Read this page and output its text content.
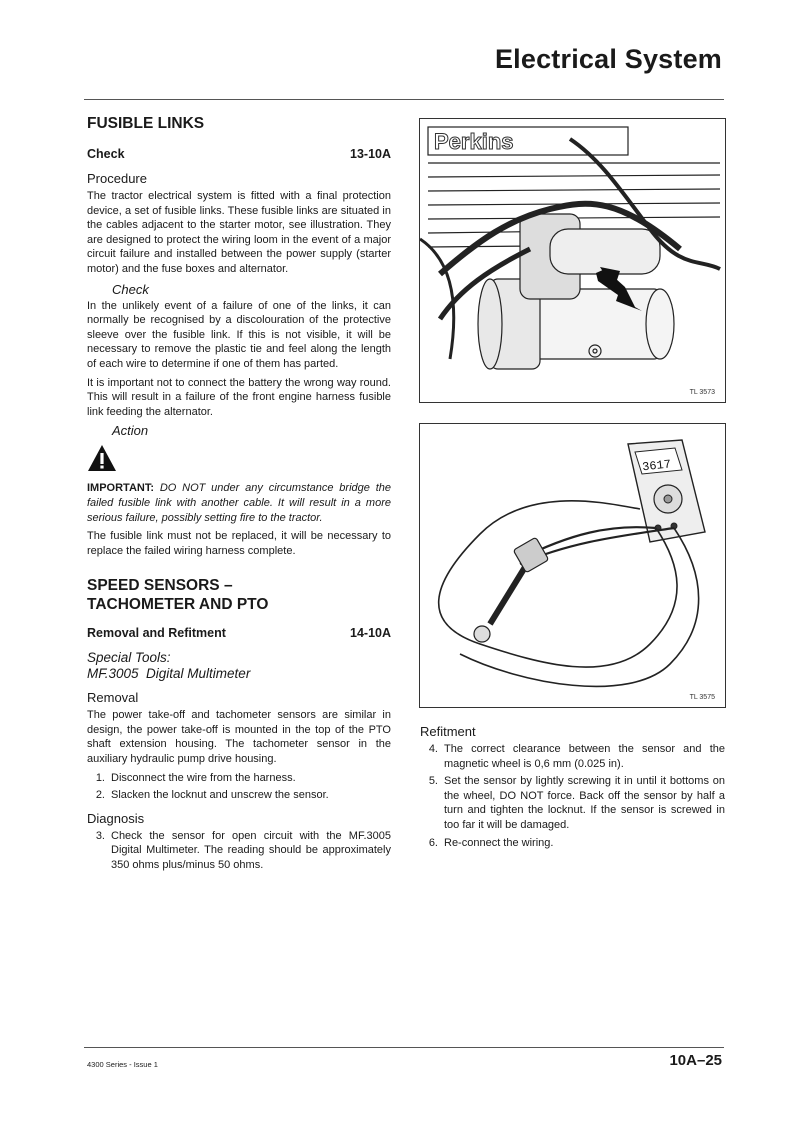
Electrical System
FUSIBLE LINKS
Check	13-10A
Procedure

The tractor electrical system is fitted with a final protection device, a set of fusible links. These fusible links are situated in the cables adjacent to the starter motor, see illustration. They are designed to protect the wiring loom in the event of a major circuit failure and installed between the power supply (starter motor) and the fuse boxes and alternator.

Check

In the unlikely event of a failure of one of the links, it can normally be recognised by a discolouration of the protective sleeve over the fusible link. If this is not visible, it will be necessary to remove the plastic tie and feel along the length of each wire to determine if one of them has parted.

It is important not to connect the battery the wrong way round. This will result in a failure of the front engine harness fusible link feeding the alternator.

Action

IMPORTANT: DO NOT under any circumstance bridge the failed fusible link with another cable. It will result in a more serious failure, possibly setting fire to the tractor.

The fusible link must not be replaced, it will be necessary to replace the failed wiring harness complete.

SPEED SENSORS –
TACHOMETER AND PTO
Removal and Refitment	14-10A
Special Tools:
MF.3005  Digital Multimeter
Removal

The power take-off and tachometer sensors are similar in design, the power take-off is mounted in the top of the PTO shaft extension housing. The tachometer sensor in the auxiliary hydraulic pump drive housing.

1. Disconnect the wire from the harness.
2. Slacken the locknut and unscrew the sensor.
Diagnosis
3. Check the sensor for open circuit with the MF.3005 Digital Multimeter. The reading should be approximately 350 ohms plus/minus 50 ohms.
Perkins
TL 3573
3617
TL 3575
Refitment
4. The correct clearance between the sensor and the magnetic wheel is 0,6 mm (0.025 in).
5. Set the sensor by lightly screwing it in until it bottoms on the wheel, DO NOT force. Back off the sensor by half a turn and tighten the locknut. If the sensor is screwed in too far it will be damaged.
6. Re-connect the wiring.
4300 Series - Issue 1	10A–25
